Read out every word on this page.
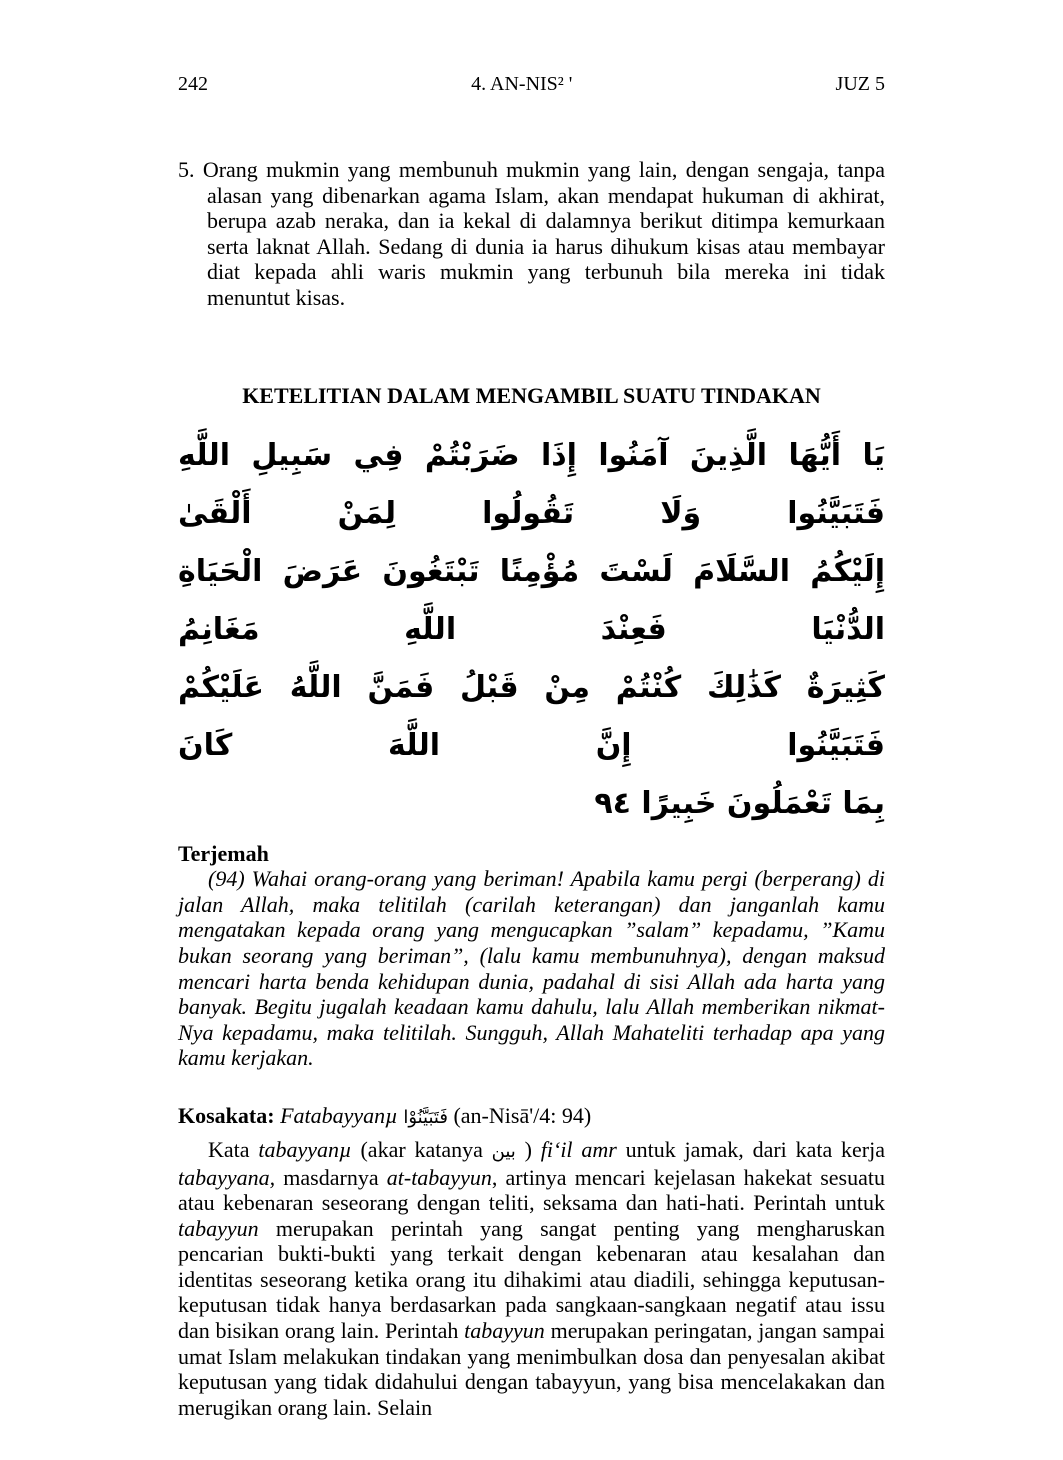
242	4. AN-NIS² '	JUZ 5
5. Orang mukmin yang membunuh mukmin yang lain, dengan sengaja, tanpa alasan yang dibenarkan agama Islam, akan mendapat hukuman di akhirat, berupa azab neraka, dan ia kekal di dalamnya berikut ditimpa kemurkaan serta laknat Allah. Sedang di dunia ia harus dihukum kisas atau membayar diat kepada ahli waris mukmin yang terbunuh bila mereka ini tidak menuntut kisas.
KETELITIAN DALAM MENGAMBIL SUATU TINDAKAN
يَا أَيُّهَا الَّذِينَ آمَنُوا إِذَا ضَرَبْتُمْ فِي سَبِيلِ اللَّهِ فَتَبَيَّنُوا وَلَا تَقُولُوا لِمَنْ أَلْقَىٰ
إِلَيْكُمُ السَّلَامَ لَسْتَ مُؤْمِنًا تَبْتَغُونَ عَرَضَ الْحَيَاةِ الدُّنْيَا فَعِنْدَ اللَّهِ مَغَانِمُ
كَثِيرَةٌ كَذَٰلِكَ كُنْتُمْ مِنْ قَبْلُ فَمَنَّ اللَّهُ عَلَيْكُمْ فَتَبَيَّنُوا إِنَّ اللَّهَ كَانَ
بِمَا تَعْمَلُونَ خَبِيرًا ٩٤
Terjemah
(94) Wahai orang-orang yang beriman! Apabila kamu pergi (berperang) di jalan Allah, maka telitilah (carilah keterangan) dan janganlah kamu mengatakan kepada orang yang mengucapkan ”salam” kepadamu, ”Kamu bukan seorang yang beriman”, (lalu kamu membunuhnya), dengan maksud mencari harta benda kehidupan dunia, padahal di sisi Allah ada harta yang banyak. Begitu jugalah keadaan kamu dahulu, lalu Allah memberikan nikmat-Nya kepadamu, maka telitilah. Sungguh, Allah Mahateliti terhadap apa yang kamu kerjakan.
Kosakata: Fatabayyanµ فَتَبَيَّنُوْا (an-Nisā'/4: 94)
Kata tabayyanµ (akar katanya بين ) fi‘il amr untuk jamak, dari kata kerja tabayyana, masdarnya at-tabayyun, artinya mencari kejelasan hakekat sesuatu atau kebenaran seseorang dengan teliti, seksama dan hati-hati. Perintah untuk tabayyun merupakan perintah yang sangat penting yang mengharuskan pencarian bukti-bukti yang terkait dengan kebenaran atau kesalahan dan identitas seseorang ketika orang itu dihakimi atau diadili, sehingga keputusan-keputusan tidak hanya berdasarkan pada sangkaan-sangkaan negatif atau issu dan bisikan orang lain. Perintah tabayyun merupakan peringatan, jangan sampai umat Islam melakukan tindakan yang menimbulkan dosa dan penyesalan akibat keputusan yang tidak didahului dengan tabayyun, yang bisa mencelakakan dan merugikan orang lain. Selain
